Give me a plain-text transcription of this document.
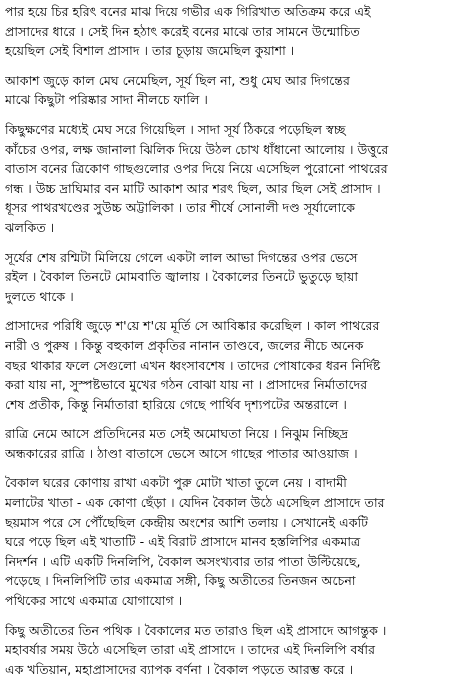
পার হয়ে চির হরিৎ বনের মাঝ দিয়ে গভীর এক গিরিখাত অতিক্রম করে এই
প্রাসাদের ধারে । সেই দিন হঠাৎ করেই বনের মাঝে তার সামনে উন্মোচিত
হয়েছিল সেই বিশাল প্রাসাদ । তার চূড়ায় জমেছিল কুয়াশা ।
আকাশ জুড়ে কাল মেঘ নেমেছিল, সূর্য ছিল না, শুধু মেঘ আর দিগন্তের
মাঝে কিছুটা পরিষ্কার সাদা নীলচে ফালি ।
কিছুক্ষণের মধ্যেই মেঘ সরে গিয়েছিল । সাদা সূর্য ঠিকরে পড়েছিল স্বচ্ছ
কাঁচের ওপর, লক্ষ জানালা ঝিলিক দিয়ে উঠল চোখ ধাঁধানো আলোয় । উত্তুরে
বাতাস বনের ত্রিকোণ গাছগুলোর ওপর দিয়ে নিয়ে এসেছিল পুরোনো পাথরের
গন্ধ । উচ্চ দ্রাঘিমার বন মাটি আকাশ আর শরৎ ছিল, আর ছিল সেই প্রাসাদ ।
ধূসর পাথরখণ্ডের সুউচ্চ অট্টালিকা । তার শীর্ষে সোনালী দণ্ড সূর্যালোকে
ঝলকিত ।
সূর্যের শেষ রশ্মিটা মিলিয়ে গেলে একটা লাল আভা দিগন্তের ওপর ভেসে
রইল । বৈকাল তিনটে মোমবাতি জ্বালায় । বৈকালের তিনটে ভুতুড়ে ছায়া
দুলতে থাকে ।
প্রাসাদের পরিধি জুড়ে শ'য়ে শ'য়ে মূর্তি সে আবিষ্কার করেছিল । কাল পাথরের
নারী ও পুরুষ । কিন্তু বহুকাল প্রকৃতির নানান তাণ্ডবে, জলের নীচে অনেক
বছর থাকার ফলে সেগুলো এখন ধ্বংসাবশেষ । তাদের পোষাকের ধরন নির্দিষ্ট
করা যায় না, সুস্পষ্টভাবে মুখের গঠন বোঝা যায় না । প্রাসাদের নির্মাতাদের
শেষ প্রতীক, কিন্তু নির্মাতারা হারিয়ে গেছে পার্থিব দৃশ্যপটের অন্তরালে ।
রাত্রি নেমে আসে প্রতিদিনের মত সেই অমোঘতা নিয়ে । নিঝুম নিচ্ছিদ্র
অন্ধকারের রাত্রি । ঠাণ্ডা বাতাসে ভেসে আসে গাছের পাতার আওয়াজ ।
বৈকাল ঘরের কোণায় রাখা একটা পুরু মোটা খাতা তুলে নেয় । বাদামী
মলাটের খাতা - এক কোণা ছেঁড়া । যেদিন বৈকাল উঠে এসেছিল প্রাসাদে তার
ছয়মাস পরে সে পৌঁছেছিল কেন্দ্রীয় অংশের আশি তলায় । সেখানেই একটি
ঘরে পড়ে ছিল এই খাতাটি - এই বিরাট প্রাসাদে মানব হস্তলিপির একমাত্র
নিদর্শন । এটি একটি দিনলিপি, বৈকাল অসংখ্যবার তার পাতা উল্টিয়েছে,
পড়েছে । দিনলিপিটি তার একমাত্র সঙ্গী, কিছু অতীতের তিনজন অচেনা
পথিকের সাথে একমাত্র যোগাযোগ ।
কিছু অতীতের তিন পথিক । বৈকালের মত তারাও ছিল এই প্রাসাদে আগন্তুক ।
মহাবর্ষার সময় উঠে এসেছিল তারা এই প্রাসাদে । তাদের এই দিনলিপি বর্ষার
এক খতিয়ান, মহাপ্রাসাদের ব্যাপক বর্ণনা । বৈকাল পড়তে আরম্ভ করে ।
